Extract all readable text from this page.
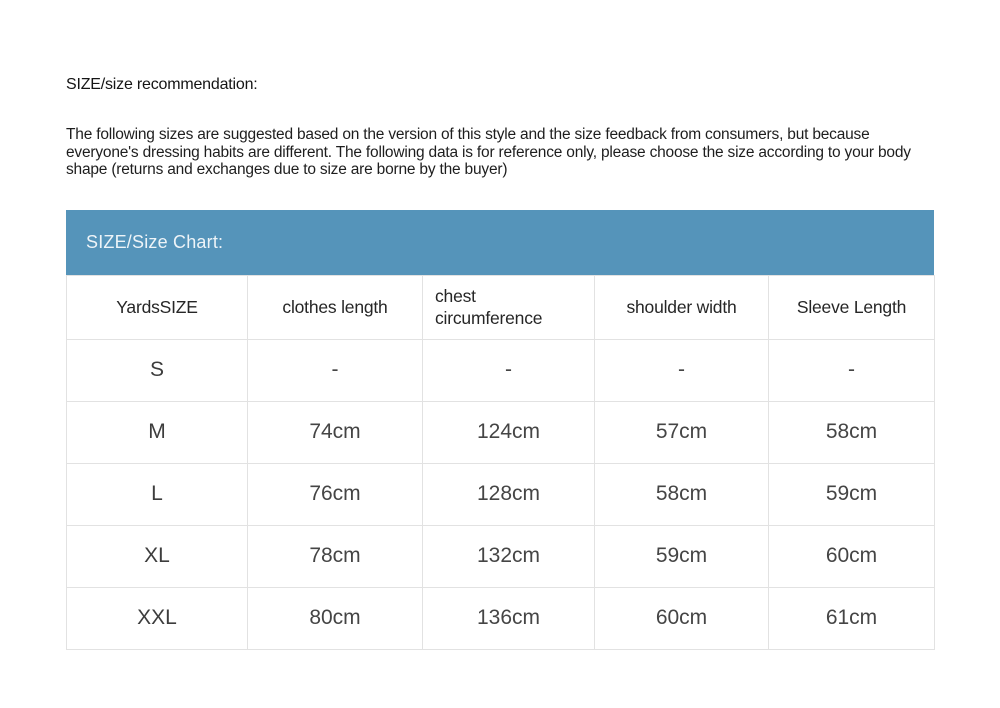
SIZE/size recommendation:

The following sizes are suggested based on the version of this style and the size feedback from consumers, but because everyone's dressing habits are different. The following data is for reference only, please choose the size according to your body shape (returns and exchanges due to size are borne by the buyer)

SIZE/Size Chart:
YardsSIZE	clothes length	chest circumference	shoulder width	Sleeve Length
S	-	-	-	-
M	74cm	124cm	57cm	58cm
L	76cm	128cm	58cm	59cm
XL	78cm	132cm	59cm	60cm
XXL	80cm	136cm	60cm	61cm
